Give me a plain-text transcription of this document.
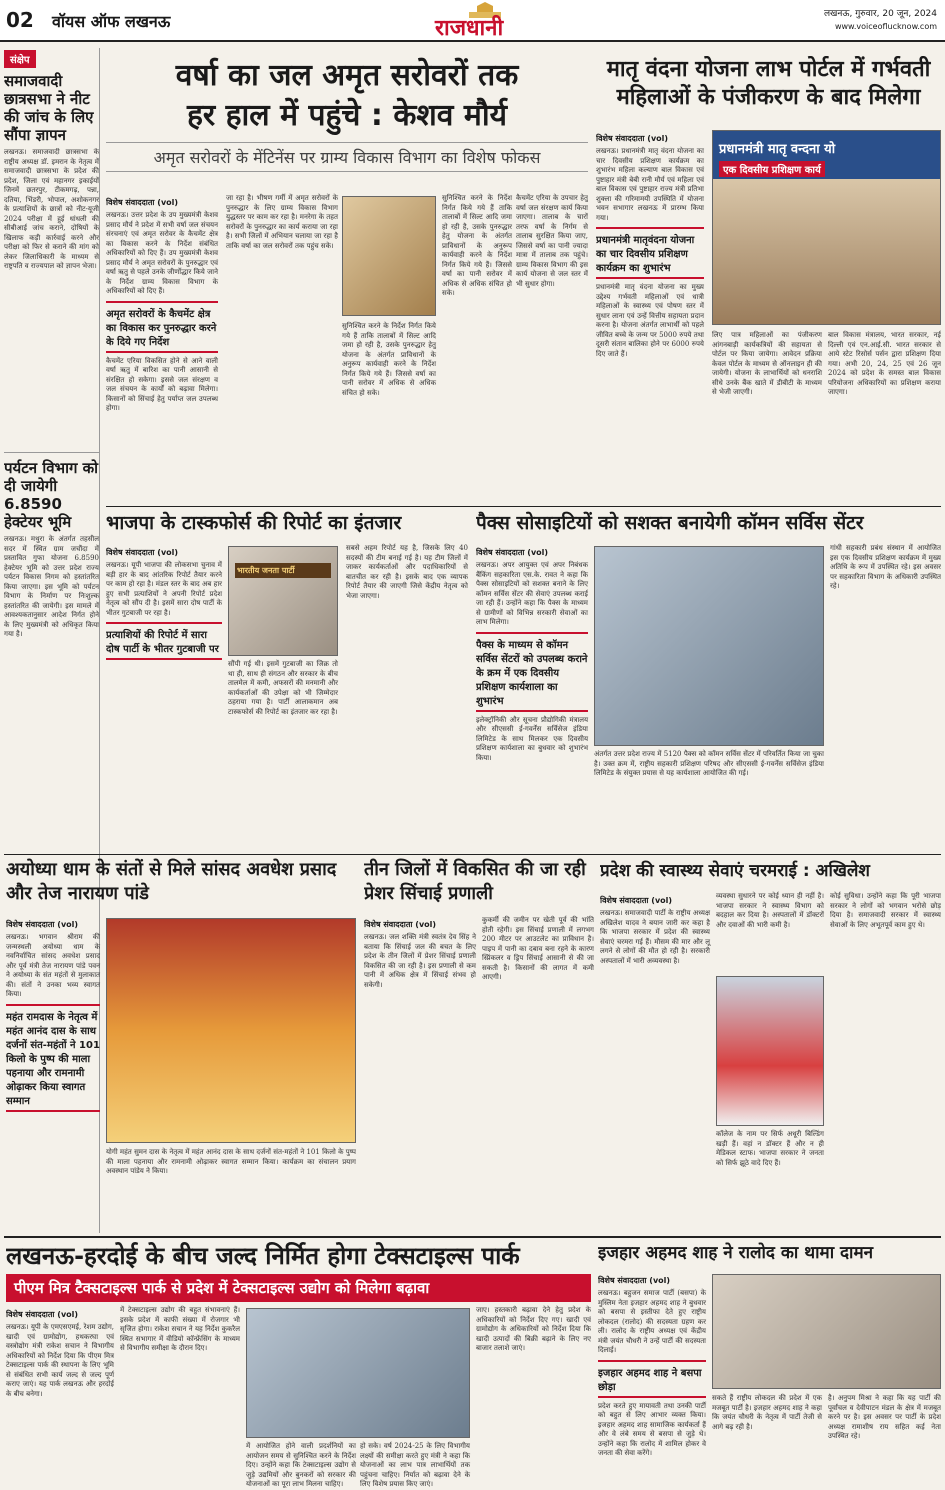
02 वॉयस ऑफ लखनऊ	राजधानी
लखनऊ, गुरुवार, 20 जून, 2024
www.voiceoflucknow.com
संक्षेप
समाजवादी छात्रसभा ने नीट की जांच के लिए सौंपा ज्ञापन
लखनऊ। समाजवादी छात्रसभा के राष्ट्रीय अध्यक्ष डॉ. इमरान के नेतृत्व में समाजवादी छात्रसभा के प्रदेश की प्रदेश, जिला एवं महानगर इकाईयों जिनमें छतरपुर, टीकमगढ़, पन्ना, दतिया, भिंडरी, भोपाल, अशोकनगर के प्रत्याशियों के छात्रों को नीट-यूजी 2024 परीक्षा में हुई धांधली की सीबीआई जांच कराने, दोषियों के खिलाफ कड़ी कार्रवाई करने और परीक्षा को फिर से कराने की मांग को लेकर जिलाधिकारी के माध्यम से राष्ट्रपति व राज्यपाल को ज्ञापन भेजा।
पर्यटन विभाग को दी जायेगी 6.8590 हेक्टेयर भूमि
लखनऊ। मथुरा के अंतर्गत तहसील सदर में स्थित ग्राम जचौंदा में प्रस्तावित गुफा योजना 6.8590 हेक्टेयर भूमि को उत्तर प्रदेश राज्य पर्यटन विकास निगम को हस्तांतरित किया जाएगा। इस भूमि को पर्यटन विभाग के निर्माण पर निःशुल्क हस्तांतरित की जायेगी। इस मामले में आवश्यकतानुसार आदेश निर्गत होने के लिए मुख्यमंत्री को अधिकृत किया गया है।
वर्षा का जल अमृत सरोवरों तक
हर हाल में पहुंचे : केशव मौर्य
अमृत सरोवरों के मेंटिनेंस पर ग्राम्य विकास विभाग का विशेष फोकस
विशेष संवाददाता (vol)
लखनऊ। उत्तर प्रदेश के उप मुख्यमंत्री केशव प्रसाद मौर्य ने प्रदेश में सभी वर्षा जल संचयन संरचनाएं एवं अमृत सरोवर के कैचमेंट क्षेत्र का विकास करने के निर्देश संबंधित अधिकारियों को दिए हैं। उप मुख्यमंत्री केशव प्रसाद मौर्य ने अमृत सरोवरों के पुनरुद्धार एवं वर्षा ऋतु से पहले उनके जीर्णोद्धार किये जाने के निर्देश ग्राम्य विकास विभाग के अधिकारियों को दिए हैं।
अमृत सरोवरों के कैचमेंट क्षेत्र का विकास कर पुनरुद्धार करने के दिये गए निर्देश
कैचमेंट एरिया विकसित होने से आने वाली वर्षा ऋतु में बारिश का पानी आसानी से संरक्षित हो सकेगा। इससे जल संरक्षण व जल संचयन के कार्यों को बढ़ावा मिलेगा। किसानों को सिंचाई हेतु पर्याप्त जल उपलब्ध होगा।
जा रहा है। भीषण गर्मी में अमृत सरोवरों के पुनरुद्धार के लिए ग्राम्य विकास विभाग युद्धस्तर पर काम कर रहा है। मनरेगा के तहत सरोवरों के पुनरुद्धार का कार्य कराया जा रहा है। सभी जिलों में अभियान चलाया जा रहा है ताकि वर्षा का जल सरोवरों तक पहुंच सके।
सुनिश्चित करने के निर्देश निर्गत किये गये हैं ताकि तालाबों में सिल्ट आदि जमा हो रही है, उसके पुनरुद्धार हेतु योजना के अंतर्गत प्राविधानों के अनुरूप कार्यवाही करने के निर्देश निर्गत किये गये हैं। जिससे वर्षा का पानी सरोवर में अधिक से अधिक संचित हो सके।
सुनिश्चित करने के निर्देश निर्गत किये गये हैं ताकि तालाबों में सिल्ट आदि जमा हो रही है, उसके पुनरुद्धार हेतु योजना के अंतर्गत प्राविधानों के अनुरूप कार्यवाही करने के निर्देश निर्गत किये गये हैं। जिससे वर्षा का पानी सरोवर में अधिक से अधिक संचित हो सके।
कैचमेंट एरिया के उपचार हेतु वर्षा जल संरक्षण कार्य किया जाएगा। तालाब के चारों तरफ वर्षा के निर्गम से तालाब सुरक्षित किया जाए, जिससे वर्षा का पानी ज्यादा मात्रा में तालाब तक पहुंचे। ग्राम्य विकास विभाग की इस कार्य योजना से जल स्तर में भी सुधार होगा।
मातृ वंदना योजना लाभ पोर्टल में गर्भवती
महिलाओं के पंजीकरण के बाद मिलेगा
विशेष संवाददाता (vol)
लखनऊ। प्रधानमंत्री मातृ वंदना योजना का चार दिवसीय प्रशिक्षण कार्यक्रम का शुभारंभ महिला कल्याण बाल विकास एवं पुष्टाहार मंत्री बेबी रानी मौर्य एवं महिला एवं बाल विकास एवं पुष्टाहार राज्य मंत्री प्रतिभा शुक्ला की गरिमामयी उपस्थिति में योजना भवन सभागार लखनऊ में प्रारम्भ किया गया।
प्रधानमंत्री मातृवंदना योजना का चार दिवसीय प्रशिक्षण कार्यक्रम का शुभारंभ
प्रधानमंत्री मातृ वंदना योजना का मुख्य उद्देश्य गर्भवती महिलाओं एवं धात्री महिलाओं के स्वास्थ्य एवं पोषण स्तर में सुधार लाना एवं उन्हें वित्तीय सहायता प्रदान करना है। योजना अंतर्गत लाभार्थी को पहले जीवित बच्चे के जन्म पर 5000 रुपये तथा दूसरी संतान बालिका होने पर 6000 रुपये दिए जाते हैं।
प्रधानमंत्री मातृ वन्दना यो
एक दिवसीय प्रशिक्षण कार्य
लिए पात्र महिलाओं का पंजीकरण आंगनबाड़ी कार्यकत्रियों की सहायता से पोर्टल पर किया जायेगा। आवेदन प्रक्रिया केवल पोर्टल के माध्यम से ऑनलाइन ही की जायेगी। योजना के लाभार्थियों को धनराशि सीधे उनके बैंक खाते में डीबीटी के माध्यम से भेजी जाएगी।
बाल विकास मंत्रालय, भारत सरकार, नई दिल्ली एवं एन.आई.सी. भारत सरकार से आये स्टेट रिसोर्स पर्सन द्वारा प्रशिक्षण दिया गया। अभी 20, 24, 25 एवं 26 जून 2024 को प्रदेश के समस्त बाल विकास परियोजना अधिकारियों का प्रशिक्षण कराया जाएगा।
भाजपा के टास्कफोर्स की रिपोर्ट का इंतजार
विशेष संवाददाता (vol)
लखनऊ। यूपी भाजपा की लोकसभा चुनाव में बड़ी हार के बाद आंतरिक रिपोर्ट तैयार करने पर काम हो रहा है। मंडल स्तर के बाद अब हार हुए सभी प्रत्याशियों ने अपनी रिपोर्ट प्रदेश नेतृत्व को सौंप दी है। इसमें सारा दोष पार्टी के भीतर गुटबाजी पर रहा है।
प्रत्याशियों की रिपोर्ट में सारा दोष पार्टी के भीतर गुटबाजी पर
भारतीय जनता पार्टी
सौंपी गई थी। इसमें गुटबाजी का जिक्र तो था ही, साथ ही संगठन और सरकार के बीच तालमेल में कमी, अफसरों की मनमानी और कार्यकर्ताओं की उपेक्षा को भी जिम्मेदार ठहराया गया है। पार्टी आलाकमान अब टास्कफोर्स की रिपोर्ट का इंतजार कर रहा है।
सबसे अहम रिपोर्ट यह है, जिसके लिए 40 सदस्यों की टीम बनाई गई है। यह टीम जिलों में जाकर कार्यकर्ताओं और पदाधिकारियों से बातचीत कर रही है। इसके बाद एक व्यापक रिपोर्ट तैयार की जाएगी जिसे केंद्रीय नेतृत्व को भेजा जाएगा।
पैक्स सोसाइटियों को सशक्त बनायेगी कॉमन सर्विस सेंटर
विशेष संवाददाता (vol)
लखनऊ। अपर आयुक्त एवं अपर निबंधक बैंकिंग सहकारिता एस.के. रावत ने कहा कि पैक्स सोसाइटियों को सशक्त बनाने के लिए कॉमन सर्विस सेंटर की सेवाएं उपलब्ध कराई जा रही हैं। उन्होंने कहा कि पैक्स के माध्यम से ग्रामीणों को विभिन्न सरकारी सेवाओं का लाभ मिलेगा।
पैक्स के माध्यम से कॉमन सर्विस सेंटरों को उपलब्ध कराने के क्रम में एक दिवसीय प्रशिक्षण कार्यशाला का शुभारंभ
इलेक्ट्रॉनिकी और सूचना प्रौद्योगिकी मंत्रालय और सीएससी ई-गवर्नेंस सर्विसेज इंडिया लिमिटेड के साथ मिलकर एक दिवसीय प्रशिक्षण कार्यशाला का बुधवार को शुभारंभ किया।	अंतर्गत उत्तर प्रदेश राज्य में 5120 पैक्स को कॉमन सर्विस सेंटर में परिवर्तित किया जा चुका है। उक्त क्रम में, राष्ट्रीय सहकारी प्रशिक्षण परिषद और सीएससी ई-गवर्नेंस सर्विसेज इंडिया लिमिटेड के संयुक्त प्रयास से यह कार्यशाला आयोजित की गई।
गांधी सहकारी प्रबंध संस्थान में आयोजित इस एक दिवसीय प्रशिक्षण कार्यक्रम में मुख्य अतिथि के रूप में उपस्थित रहे। इस अवसर पर सहकारिता विभाग के अधिकारी उपस्थित रहे।
अयोध्या धाम के संतों से मिले सांसद अवधेश प्रसाद और तेज नारायण पांडे
विशेष संवाददाता (vol)
लखनऊ। भगवान श्रीराम की जन्मस्थली अयोध्या धाम के नवनिर्वाचित सांसद अवधेश प्रसाद और पूर्व मंत्री तेज नारायण पांडे पवन ने अयोध्या के संत महंतों से मुलाकात की। संतों ने उनका भव्य स्वागत किया।
महंत रामदास के नेतृत्व में महंत आनंद दास के साथ दर्जनों संत-महंतों ने 101 किलो के पुष्प की माला पहनाया और रामनामी ओढ़ाकर किया स्वागत सम्मान
योगी महंत सुमन दास के नेतृत्व में महंत आनंद दास के साथ दर्जनों संत-महंतों ने 101 किलो के पुष्प की माला पहनाया और रामनामी ओढ़ाकर स्वागत सम्मान किया। कार्यक्रम का संचालन प्रयाग अवस्थान पांडेय ने किया।
तीन जिलों में विकसित की जा रही प्रेशर सिंचाई प्रणाली
विशेष संवाददाता (vol)
लखनऊ। जल शक्ति मंत्री स्वतंत्र देव सिंह ने बताया कि सिंचाई जल की बचत के लिए प्रदेश के तीन जिलों में प्रेशर सिंचाई प्रणाली विकसित की जा रही है। इस प्रणाली से कम पानी में अधिक क्षेत्र में सिंचाई संभव हो सकेगी।
कुकर्मी की जमीन पर खेती पूर्व की भांति होती रहेगी। इस सिंचाई प्रणाली में लगभग 200 मीटर पर आउटलेट का प्राविधान है। पाइप में पानी का दबाव बना रहने के कारण स्प्रिंकलर व ड्रिप सिंचाई आसानी से की जा सकती है। किसानों की लागत में कमी आएगी।
प्रदेश की स्वास्थ्य सेवाएं चरमराई : अखिलेश
विशेष संवाददाता (vol)
लखनऊ। समाजवादी पार्टी के राष्ट्रीय अध्यक्ष अखिलेश यादव ने बयान जारी कर कहा है कि भाजपा सरकार में प्रदेश की स्वास्थ्य सेवाएं चरमरा गई हैं। मौसम की मार और लू लगने से लोगों की मौत हो रही है। सरकारी अस्पतालों में भारी अव्यवस्था है।
व्यवस्था सुधारने पर कोई ध्यान ही नहीं है। भाजपा सरकार ने स्वास्थ्य विभाग को बदहाल कर दिया है। अस्पतालों में डॉक्टरों और दवाओं की भारी कमी है।
कॉलेज के नाम पर सिर्फ अधूरी बिल्डिंग खड़ी हैं। वहां न डॉक्टर हैं और न ही मेडिकल स्टाफ। भाजपा सरकार ने जनता को सिर्फ झूठे वादे दिए हैं।
कोई सुविधा। उन्होंने कहा कि पूरी भाजपा सरकार ने लोगों को भगवान भरोसे छोड़ दिया है। समाजवादी सरकार में स्वास्थ्य सेवाओं के लिए अभूतपूर्व काम हुए थे।
लखनऊ-हरदोई के बीच जल्द निर्मित होगा टेक्सटाइल्स पार्क
पीएम मित्र टैक्सटाइल्स पार्क से प्रदेश में टेक्सटाइल्स उद्योग को मिलेगा बढ़ावा
विशेष संवाददाता (vol)
लखनऊ। यूपी के एमएसएमई, रेशम उद्योग, खादी एवं ग्रामोद्योग, हथकरघा एवं वस्त्रोद्योग मंत्री राकेश सचान ने विभागीय अधिकारियों को निर्देश दिया कि पीएम मित्र टेक्सटाइल्स पार्क की स्थापना के लिए भूमि से संबंधित सभी कार्य जल्द से जल्द पूर्ण कराए जाएं। यह पार्क लखनऊ और हरदोई के बीच बनेगा।
में टेक्सटाइल्स उद्योग की बहुत संभावनाएं हैं। इसके प्रदेश में काफी संख्या में रोजगार भी सृजित होगा। राकेश सचान ने यह निर्देश कुकरैल स्थित सभागार में वीडियो कॉन्फ्रेंसिंग के माध्यम से विभागीय समीक्षा के दौरान दिए।
में आयोजित होने वाली प्रदर्शनियों का आयोजन समय से सुनिश्चित करने के निर्देश दिए। उन्होंने कहा कि टेक्सटाइल्स उद्योग से जुड़े उद्यमियों और बुनकरों को सरकार की योजनाओं का पूरा लाभ मिलना चाहिए।
हो सके। वर्ष 2024-25 के लिए विभागीय लक्ष्यों की समीक्षा करते हुए मंत्री ने कहा कि योजनाओं का लाभ पात्र लाभार्थियों तक पहुंचना चाहिए। निर्यात को बढ़ावा देने के लिए विशेष प्रयास किए जाएं।
जाए। हस्तकारी बढ़ावा देने हेतु प्रदेश के अधिकारियों को निर्देश दिए गए। खादी एवं ग्रामोद्योग के अधिकारियों को निर्देश दिया कि खादी उत्पादों की बिक्री बढ़ाने के लिए नए बाजार तलाशे जाएं।
इजहार अहमद शाह ने रालोद का थामा दामन
विशेष संवाददाता (vol)
लखनऊ। बहुजन समाज पार्टी (बसपा) के मुस्लिम नेता इजहार अहमद शाह ने बुधवार को बसपा से इस्तीफा देते हुए राष्ट्रीय लोकदल (रालोद) की सदस्यता ग्रहण कर ली। रालोद के राष्ट्रीय अध्यक्ष एवं केंद्रीय मंत्री जयंत चौधरी ने उन्हें पार्टी की सदस्यता दिलाई।
इजहार अहमद शाह ने बसपा छोड़ा
प्रदेश करते हुए मायावती तथा उनकी पार्टी को बहुत से लिए आभार व्यक्त किया। इजहार अहमद शाह सामाजिक कार्यकर्ता हैं और वे लंबे समय से बसपा से जुड़े थे। उन्होंने कहा कि रालोद में शामिल होकर वे जनता की सेवा करेंगे।
सकते हैं राष्ट्रीय लोकदल की प्रदेश में एक मजबूत पार्टी है। इजहार अहमद शाह ने कहा कि जयंत चौधरी के नेतृत्व में पार्टी तेजी से आगे बढ़ रही है।
है। अनुपम मिश्रा ने कहा कि यह पार्टी की पूर्वांचल व देवीपाटन मंडल के क्षेत्र में मजबूत करने पर है। इस अवसर पर पार्टी के प्रदेश अध्यक्ष रामाशीष राय सहित कई नेता उपस्थित रहे।
